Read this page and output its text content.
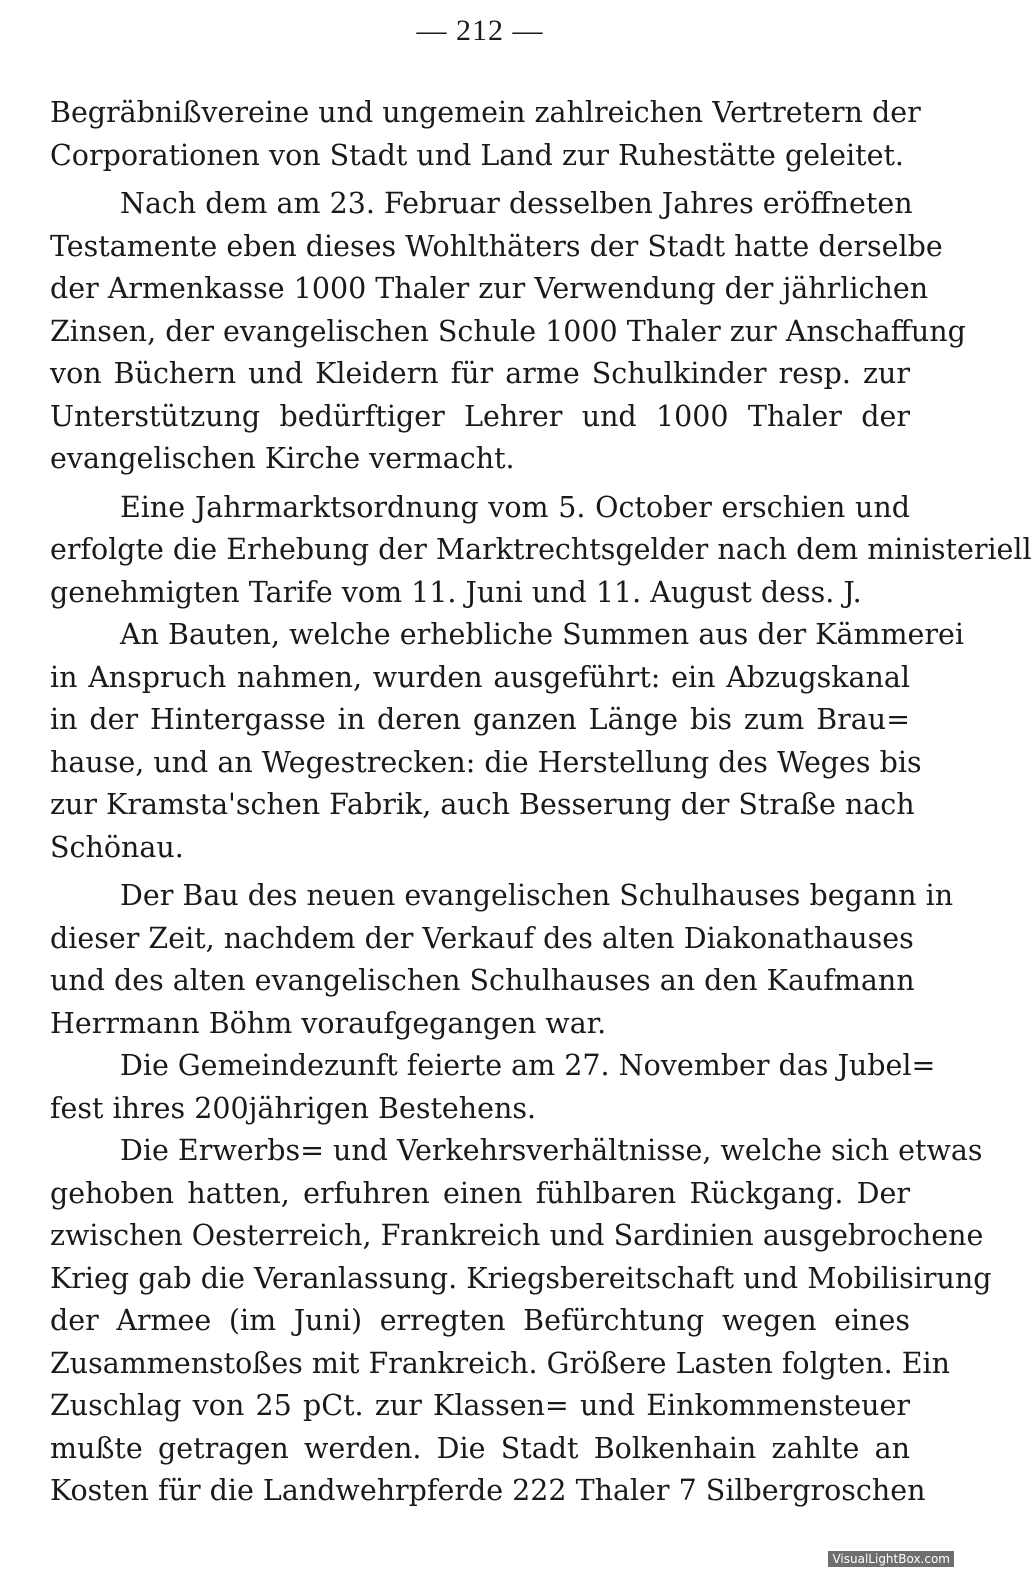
— 212 —
Begräbnißvereine und ungemein zahlreichen Vertretern der
Corporationen von Stadt und Land zur Ruhestätte geleitet.
Nach dem am 23. Februar desselben Jahres eröffneten
Testamente eben dieses Wohlthäters der Stadt hatte derselbe
der Armenkasse 1000 Thaler zur Verwendung der jährlichen
Zinsen, der evangelischen Schule 1000 Thaler zur Anschaffung
von Büchern und Kleidern für arme Schulkinder resp. zur
Unterstützung bedürftiger Lehrer und 1000 Thaler der
evangelischen Kirche vermacht.
Eine Jahrmarktsordnung vom 5. October erschien und
erfolgte die Erhebung der Marktrechtsgelder nach dem ministeriell
genehmigten Tarife vom 11. Juni und 11. August dess. J.
An Bauten, welche erhebliche Summen aus der Kämmerei
in Anspruch nahmen, wurden ausgeführt: ein Abzugskanal
in der Hintergasse in deren ganzen Länge bis zum Brau=
hause, und an Wegestrecken: die Herstellung des Weges bis
zur Kramsta'schen Fabrik, auch Besserung der Straße nach
Schönau.
Der Bau des neuen evangelischen Schulhauses begann in
dieser Zeit, nachdem der Verkauf des alten Diakonathauses
und des alten evangelischen Schulhauses an den Kaufmann
Herrmann Böhm voraufgegangen war.
Die Gemeindezunft feierte am 27. November das Jubel=
fest ihres 200jährigen Bestehens.
Die Erwerbs= und Verkehrsverhältnisse, welche sich etwas
gehoben hatten, erfuhren einen fühlbaren Rückgang. Der
zwischen Oesterreich, Frankreich und Sardinien ausgebrochene
Krieg gab die Veranlassung. Kriegsbereitschaft und Mobilisirung
der Armee (im Juni) erregten Befürchtung wegen eines
Zusammenstoßes mit Frankreich. Größere Lasten folgten. Ein
Zuschlag von 25 pCt. zur Klassen= und Einkommensteuer
mußte getragen werden. Die Stadt Bolkenhain zahlte an
Kosten für die Landwehrpferde 222 Thaler 7 Silbergroschen
VisualLightBox.com
